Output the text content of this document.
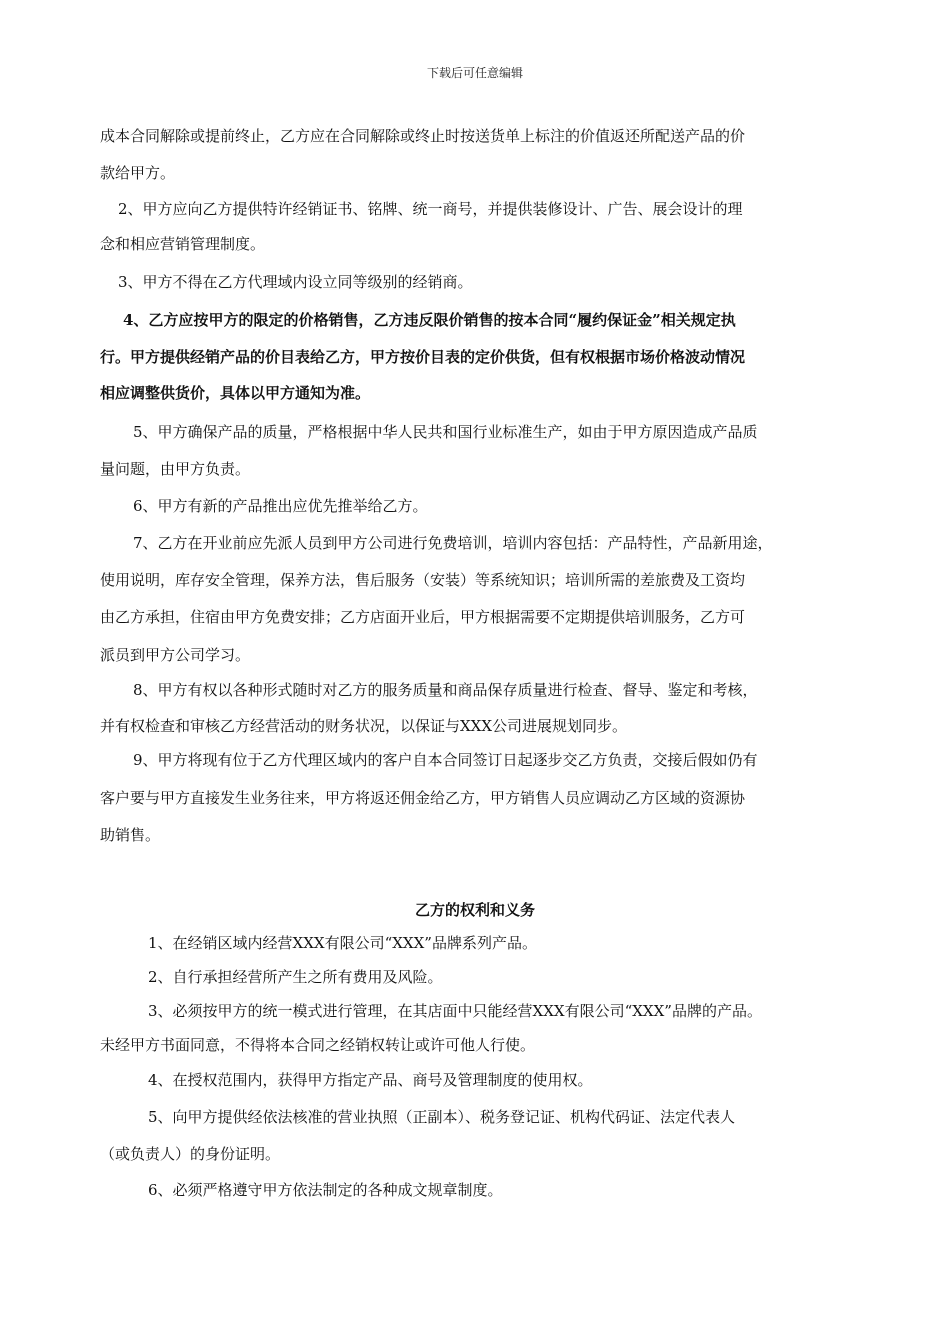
下载后可任意编辑
成本合同解除或提前终止，乙方应在合同解除或终止时按送货单上标注的价值返还所配送产品的价
款给甲方。
2、甲方应向乙方提供特许经销证书、铭牌、统一商号，并提供装修设计、广告、展会设计的理
念和相应营销管理制度。
3、甲方不得在乙方代理域内设立同等级别的经销商。
4、乙方应按甲方的限定的价格销售，乙方违反限价销售的按本合同“履约保证金”相关规定执
行。甲方提供经销产品的价目表给乙方，甲方按价目表的定价供货，但有权根据市场价格波动情况
相应调整供货价，具体以甲方通知为准。
5、甲方确保产品的质量，严格根据中华人民共和国行业标准生产，如由于甲方原因造成产品质
量问题，由甲方负责。
6、甲方有新的产品推出应优先推举给乙方。
7、乙方在开业前应先派人员到甲方公司进行免费培训，培训内容包括：产品特性，产品新用途，
使用说明，库存安全管理，保养方法，售后服务（安装）等系统知识；培训所需的差旅费及工资均
由乙方承担，住宿由甲方免费安排；乙方店面开业后，甲方根据需要不定期提供培训服务，乙方可
派员到甲方公司学习。
8、甲方有权以各种形式随时对乙方的服务质量和商品保存质量进行检查、督导、鉴定和考核，
并有权检查和审核乙方经营活动的财务状况，以保证与XXX公司进展规划同步。
9、甲方将现有位于乙方代理区域内的客户自本合同签订日起逐步交乙方负责，交接后假如仍有
客户要与甲方直接发生业务往来，甲方将返还佣金给乙方，甲方销售人员应调动乙方区域的资源协
助销售。
乙方的权利和义务
1、在经销区域内经营XXX有限公司“XXX”品牌系列产品。
2、自行承担经营所产生之所有费用及风险。
3、必须按甲方的统一模式进行管理，在其店面中只能经营XXX有限公司“XXX”品牌的产品。
未经甲方书面同意，不得将本合同之经销权转让或许可他人行使。
4、在授权范围内，获得甲方指定产品、商号及管理制度的使用权。
5、向甲方提供经依法核准的营业执照（正副本）、税务登记证、机构代码证、法定代表人
（或负责人）的身份证明。
6、必须严格遵守甲方依法制定的各种成文规章制度。
